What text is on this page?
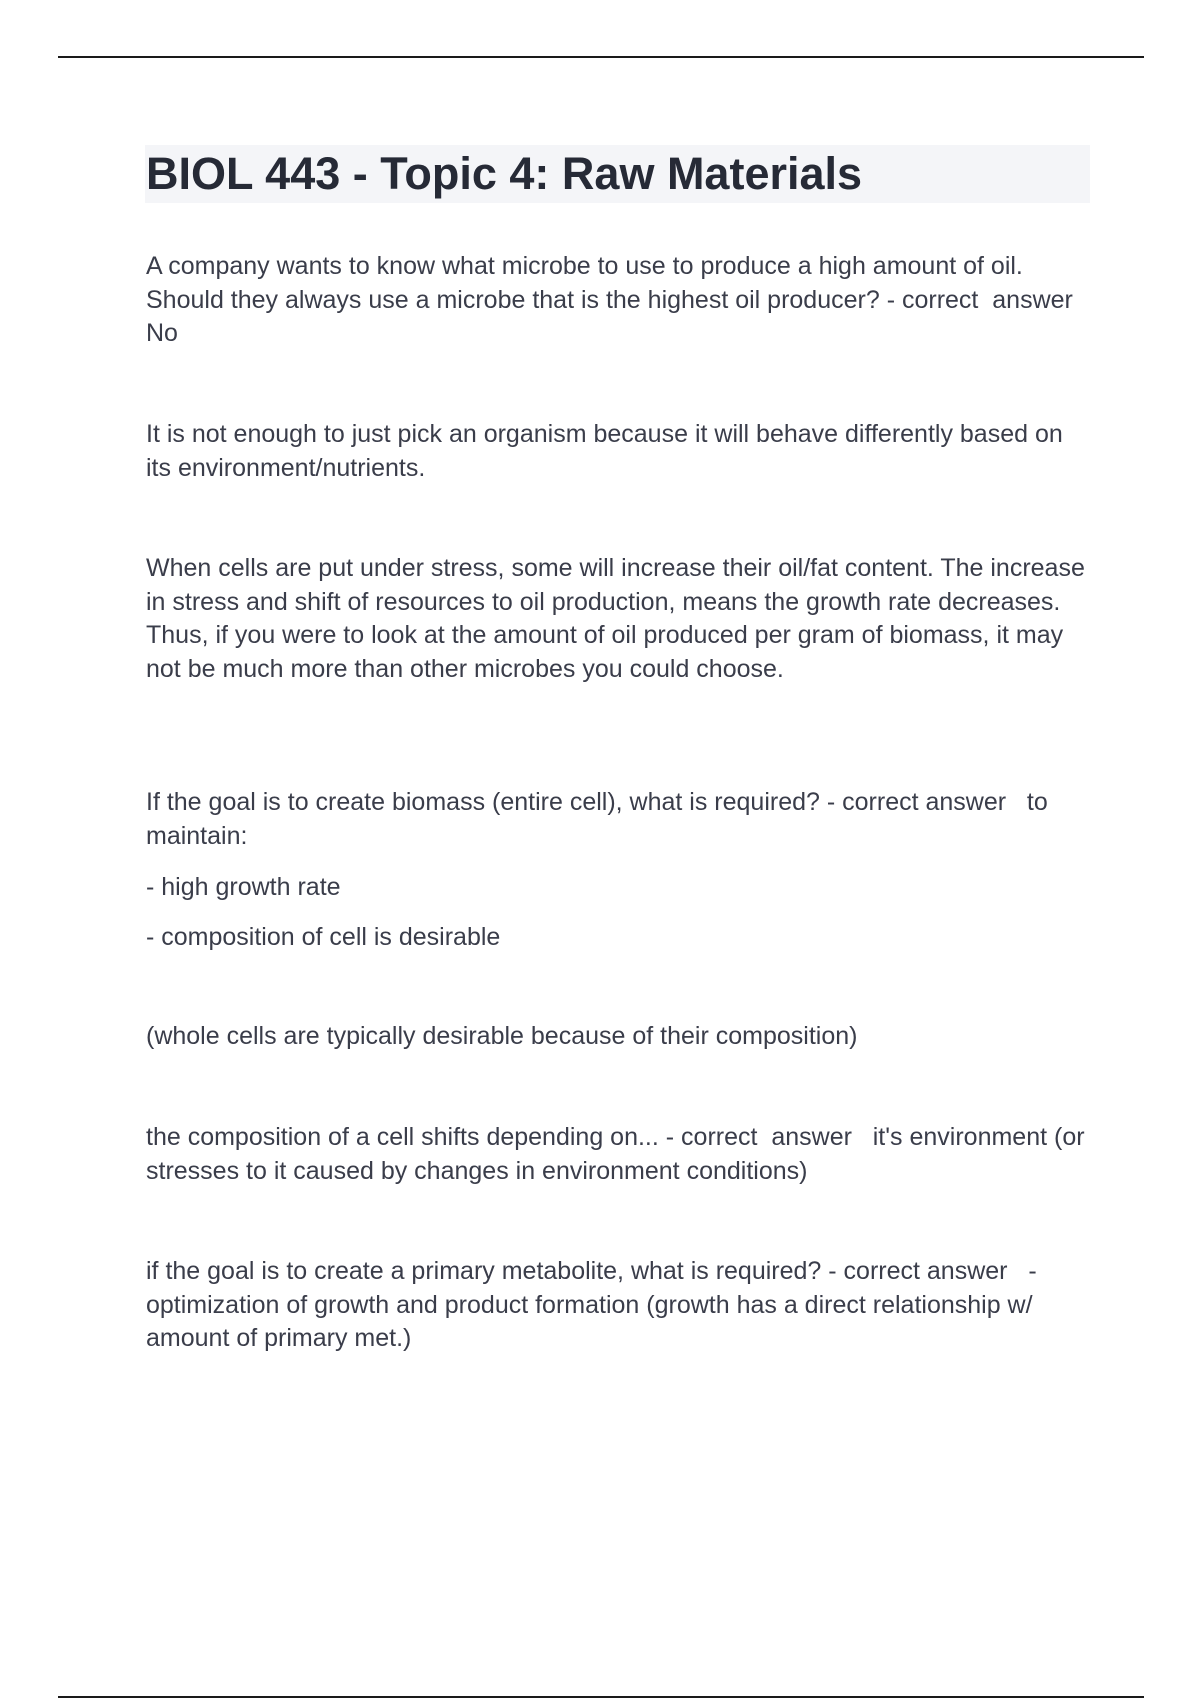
BIOL 443 - Topic 4: Raw Materials

A company wants to know what microbe to use to produce a high amount of oil. Should they always use a microbe that is the highest oil producer? - correct  answer   No

It is not enough to just pick an organism because it will behave differently based on its environment/nutrients.

When cells are put under stress, some will increase their oil/fat content. The increase in stress and shift of resources to oil production, means the growth rate decreases. Thus, if you were to look at the amount of oil produced per gram of biomass, it may not be much more than other microbes you could choose.

If the goal is to create biomass (entire cell), what is required? - correct answer   to maintain:

- high growth rate

- composition of cell is desirable

(whole cells are typically desirable because of their composition)

the composition of a cell shifts depending on... - correct  answer   it's environment (or stresses to it caused by changes in environment conditions)

if the goal is to create a primary metabolite, what is required? - correct answer   - optimization of growth and product formation (growth has a direct relationship w/ amount of primary met.)
